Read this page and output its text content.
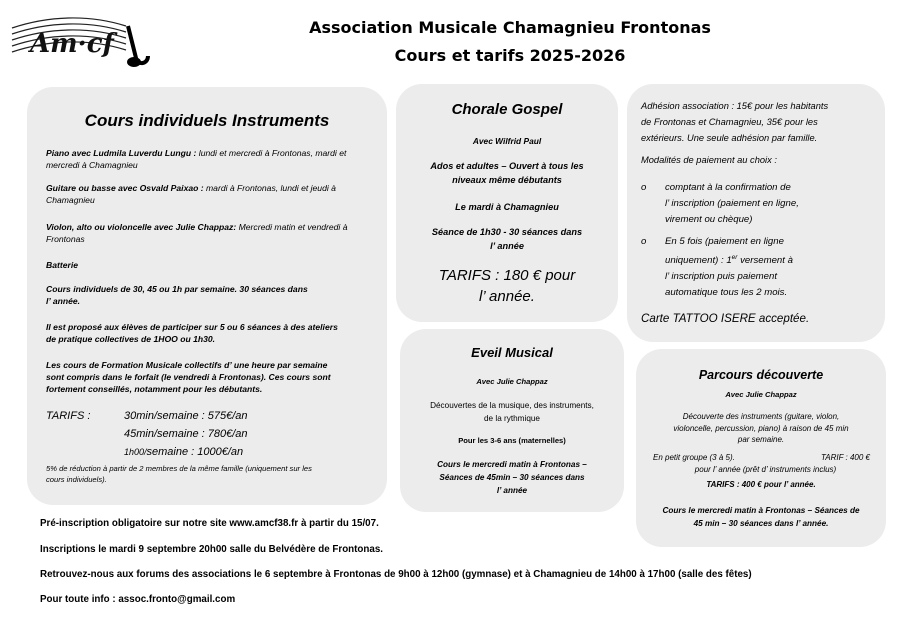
Am·cf
Association Musicale Chamagnieu Frontonas
Cours et tarifs 2025-2026
Cours individuels Instruments
Piano avec Ludmila Luverdu Lungu : lundi et mercredi à Frontonas, mardi et mercredi à Chamagnieu
Guitare ou basse avec Osvald Paixao : mardi à Frontonas, lundi et jeudi à Chamagnieu
Violon, alto ou violoncelle avec Julie Chappaz: Mercredi matin et vendredi à Frontonas
Batterie
Cours individuels de 30, 45 ou 1h par semaine. 30 séances dans
l’ année.
Il est proposé aux élèves de participer sur 5 ou 6 séances à des ateliers
de pratique collectives de 1HOO ou 1h30.
Les cours de Formation Musicale collectifs d’ une heure par semaine
sont compris dans le forfait (le vendredi à Frontonas). Ces cours sont
fortement conseillés, notamment pour les débutants.
TARIFS :	30min/semaine : 575€/an
45min/semaine : 780€/an
1h00/semaine : 1000€/an
5% de réduction à partir de 2 membres de la même famille (uniquement sur les
cours individuels).
Chorale Gospel
Avec Wilfrid Paul
Ados et adultes – Ouvert à tous les
niveaux même débutants
Le mardi à Chamagnieu
Séance de 1h30 - 30 séances dans
l’ année
TARIFS : 180 € pour
l’ année.
Adhésion association : 15€ pour les habitants
de Frontonas et Chamagnieu, 35€ pour les
extérieurs. Une seule adhésion par famille.
Modalités de paiement au choix :
o comptant à la confirmation de
l’ inscription (paiement en ligne,
virement ou chèque)
o En 5 fois (paiement en ligne
uniquement) : 1er versement à
l’ inscription puis paiement
automatique tous les 2 mois.
Carte TATTOO ISERE acceptée.
Eveil Musical
Avec Julie Chappaz
Découvertes de la musique, des instruments,
de la rythmique
Pour les 3-6 ans (maternelles)
Cours le mercredi matin à Frontonas –
Séances de 45min – 30 séances dans
l’ année
Parcours découverte
Avec Julie Chappaz
Découverte des instruments (guitare, violon,
violoncelle, percussion, piano) à raison de 45 min
par semaine.
En petit groupe (3 à 5).	TARIF : 400 €
pour l’ année (prêt d’ instruments inclus)
TARIFS : 400 € pour l’ année.
Cours le mercredi matin à Frontonas – Séances de
45 min – 30 séances dans l’ année.
Pré-inscription obligatoire sur notre site www.amcf38.fr à partir du 15/07.
Inscriptions le mardi 9 septembre 20h00 salle du Belvédère de Frontonas.
Retrouvez-nous aux forums des associations le 6 septembre à Frontonas de 9h00 à 12h00 (gymnase) et à Chamagnieu de 14h00 à 17h00 (salle des fêtes)
Pour toute info : assoc.fronto@gmail.com
